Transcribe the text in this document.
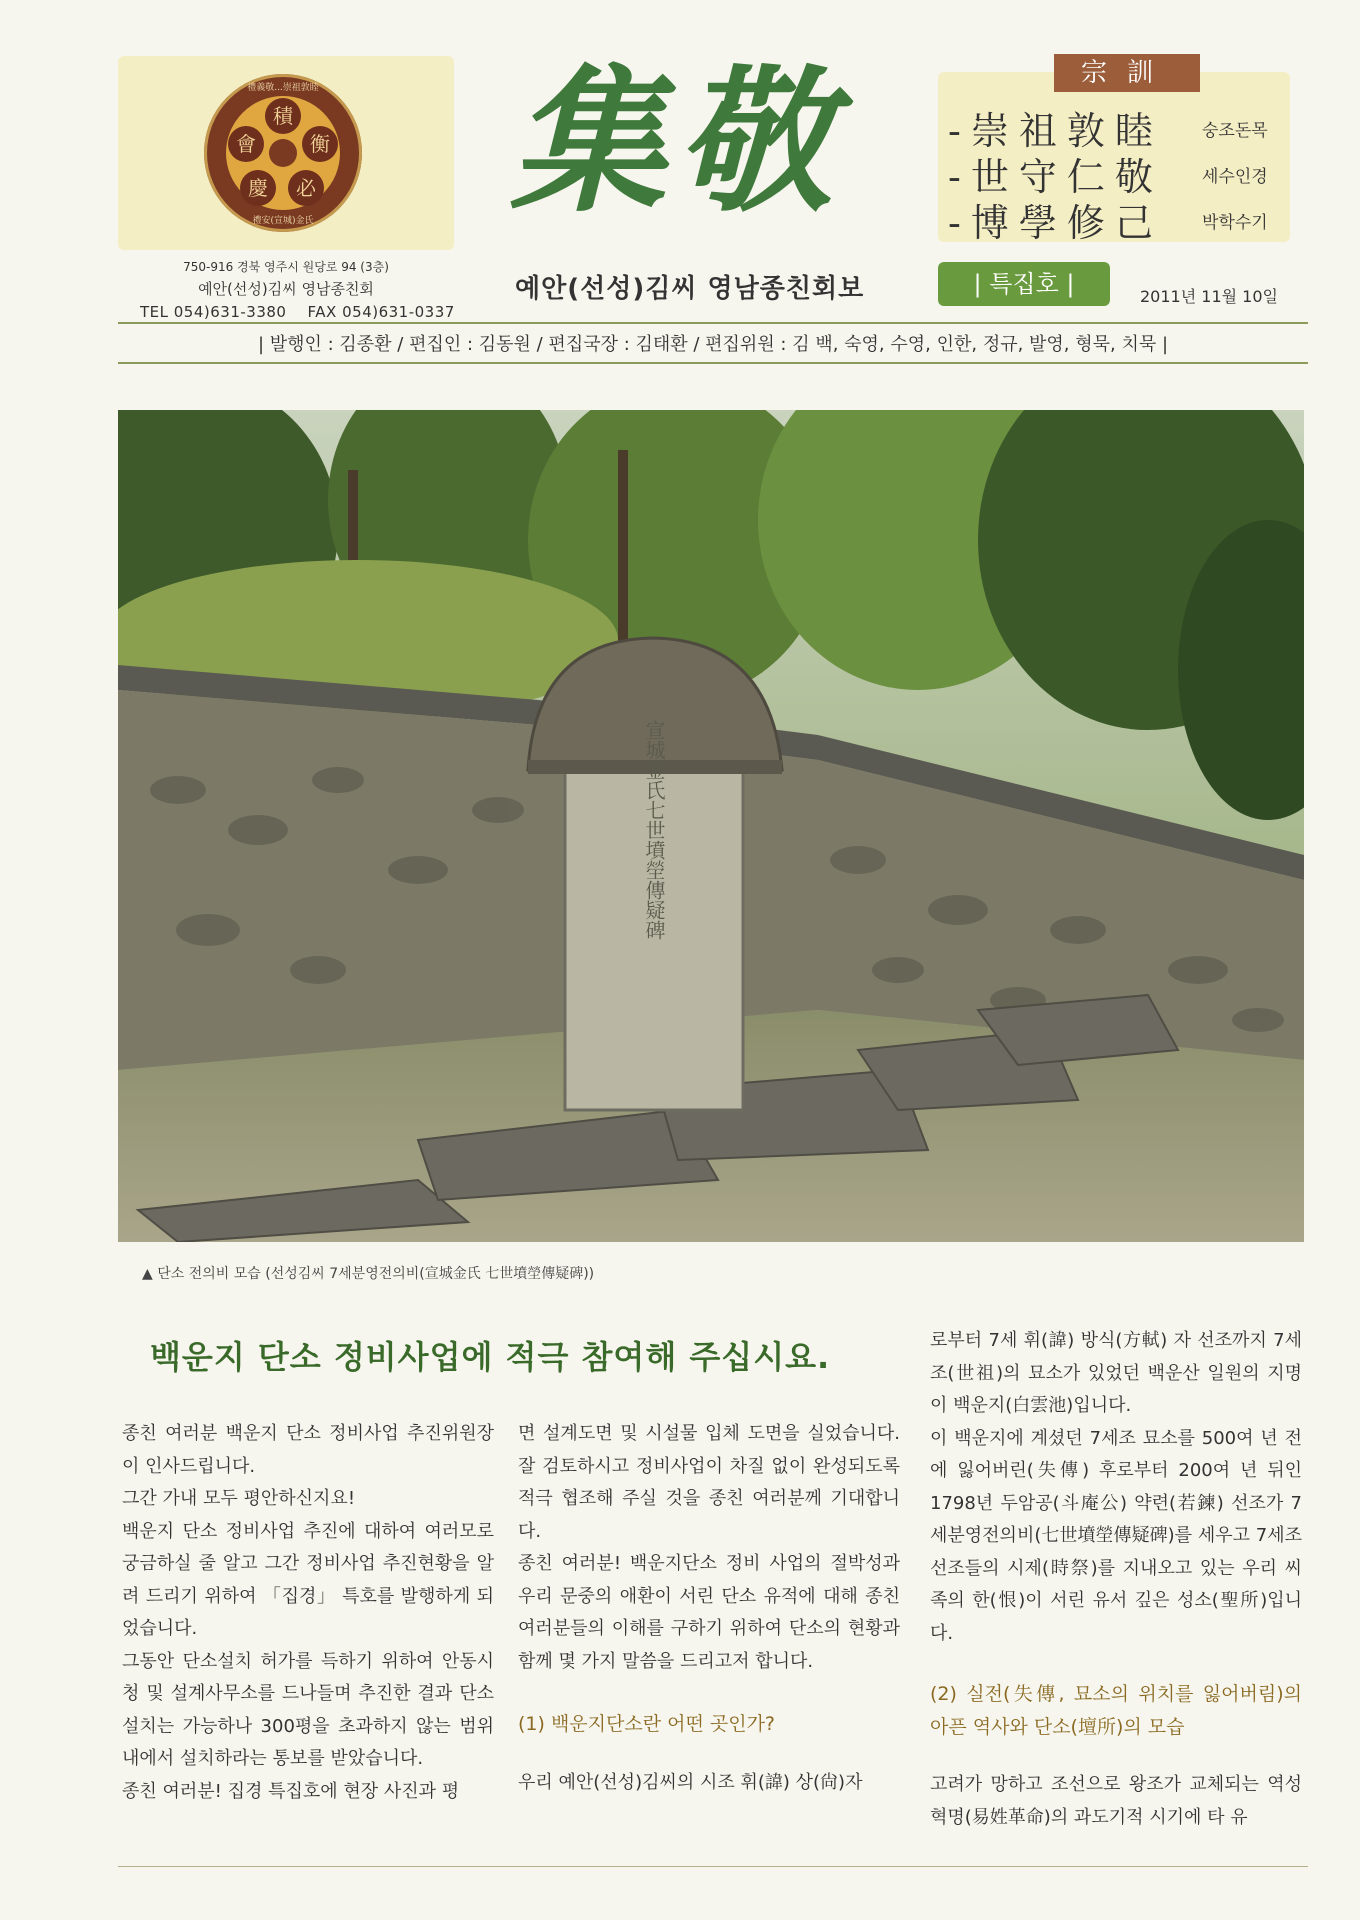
禮義敬...崇祖敦睦
積
衡
必
慶
會
禮安(宣城)金氏
750-916 경북 영주시 원당로 94 (3층)
예안(선성)김씨 영남종친회
TEL 054)631-3380 FAX 054)631-0337
集敬
예안(선성)김씨 영남종친회보
宗訓
-崇祖敦睦 숭조돈목
-世守仁敬 세수인경
-博學修己 박학수기
| 특집호 |	2011년 11월 10일
| 발행인 : 김종환 / 편집인 : 김동원 / 편집국장 : 김태환 / 편집위원 : 김 백, 숙영, 수영, 인한, 정규, 발영, 형묵, 치묵 |
宣城金氏七世墳塋傳疑碑
▲ 단소 전의비 모습 (선성김씨 7세분영전의비(宣城金氏 七世墳塋傳疑碑))
백운지 단소 정비사업에 적극 참여해 주십시요.

종친 여러분 백운지 단소 정비사업 추진위원장이 인사드립니다.

그간 가내 모두 평안하신지요!

백운지 단소 정비사업 추진에 대하여 여러모로 궁금하실 줄 알고 그간 정비사업 추진현황을 알려 드리기 위하여 「집경」 특호를 발행하게 되었습니다.

그동안 단소설치 허가를 득하기 위하여 안동시청 및 설계사무소를 드나들며 추진한 결과 단소설치는 가능하나 300평을 초과하지 않는 범위 내에서 설치하라는 통보를 받았습니다.

종친 여러분! 집경 특집호에 현장 사진과 평

면 설계도면 및 시설물 입체 도면을 실었습니다. 잘 검토하시고 정비사업이 차질 없이 완성되도록 적극 협조해 주실 것을 종친 여러분께 기대합니다.

종친 여러분! 백운지단소 정비 사업의 절박성과 우리 문중의 애환이 서린 단소 유적에 대해 종친 여러분들의 이해를 구하기 위하여 단소의 현황과 함께 몇 가지 말씀을 드리고저 합니다.

(1) 백운지단소란 어떤 곳인가?

우리 예안(선성)김씨의 시조 휘(諱) 상(尙)자

로부터 7세 휘(諱) 방식(方軾) 자 선조까지 7세조(世祖)의 묘소가 있었던 백운산 일원의 지명이 백운지(白雲池)입니다.

이 백운지에 계셨던 7세조 묘소를 500여 년 전에 잃어버린(失傳) 후로부터 200여 년 뒤인 1798년 두암공(斗庵公) 약련(若鍊) 선조가 7세분영전의비(七世墳塋傳疑碑)를 세우고 7세조 선조들의 시제(時祭)를 지내오고 있는 우리 씨족의 한(恨)이 서린 유서 깊은 성소(聖所)입니다.

(2) 실전(失傳, 묘소의 위치를 잃어버림)의 아픈 역사와 단소(壇所)의 모습

고려가 망하고 조선으로 왕조가 교체되는 역성혁명(易姓革命)의 과도기적 시기에 타 유
